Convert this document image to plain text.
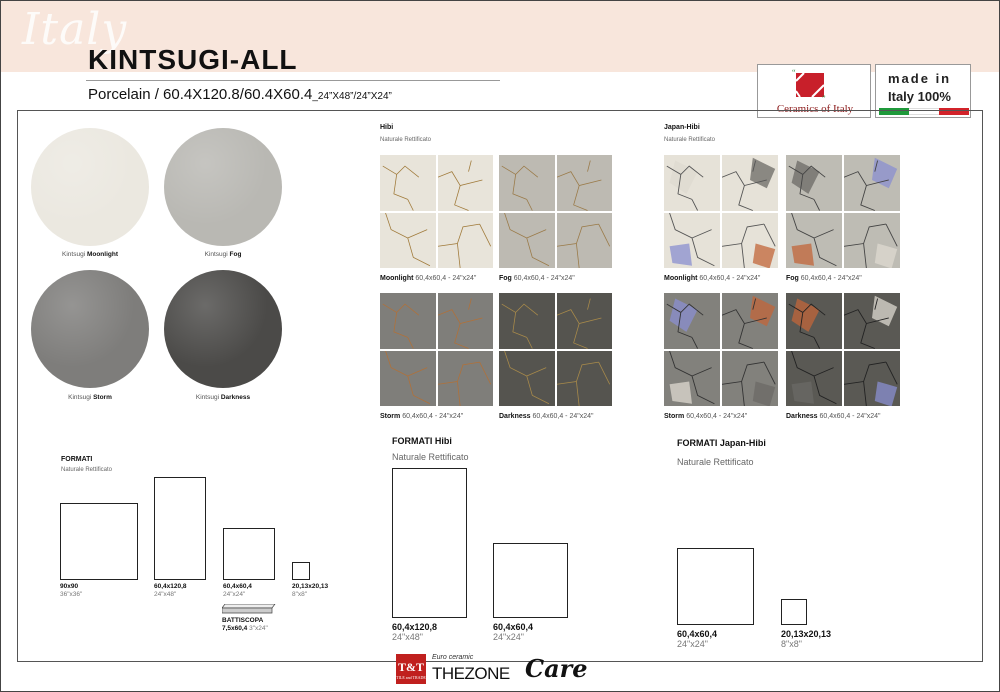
Italy
KINTSUGI-ALL
Porcelain / 60.4X120.8/60.4X60.4_24”X48”/24”X24”
“
”
Ceramics of Italy
made in
Italy 100%
Kintsugi Moonlight	Kintsugi Fog
Kintsugi Storm	Kintsugi Darkness
Hibi
Naturale Rettificato
Moonlight 60,4x60,4 - 24"x24"	Fog 60,4x60,4 - 24"x24"
Storm 60,4x60,4 - 24"x24"	Darkness 60,4x60,4 - 24"x24"
Japan-Hibi
Naturale Rettificato
Moonlight 60,4x60,4 - 24"x24"	Fog 60,4x60,4 - 24"x24"
Storm 60,4x60,4 - 24"x24"	Darkness 60,4x60,4 - 24"x24"
FORMATI
Naturale Rettificato
90x90
36"x36"
60,4x120,8
24"x48"
60,4x60,4
24"x24"
20,13x20,13
8"x8"
BATTISCOPA
7,5x60,4 3"x24"
FORMATI Hibi
Naturale Rettificato
60,4x120,8
24"x48"
60,4x60,4
24"x24"
FORMATI Japan-Hibi
Naturale Rettificato
60,4x60,4
24"x24"
20,13x20,13
8"x8"
T&T
TILE and TRADE
Euro ceramic
THEZONE Care
